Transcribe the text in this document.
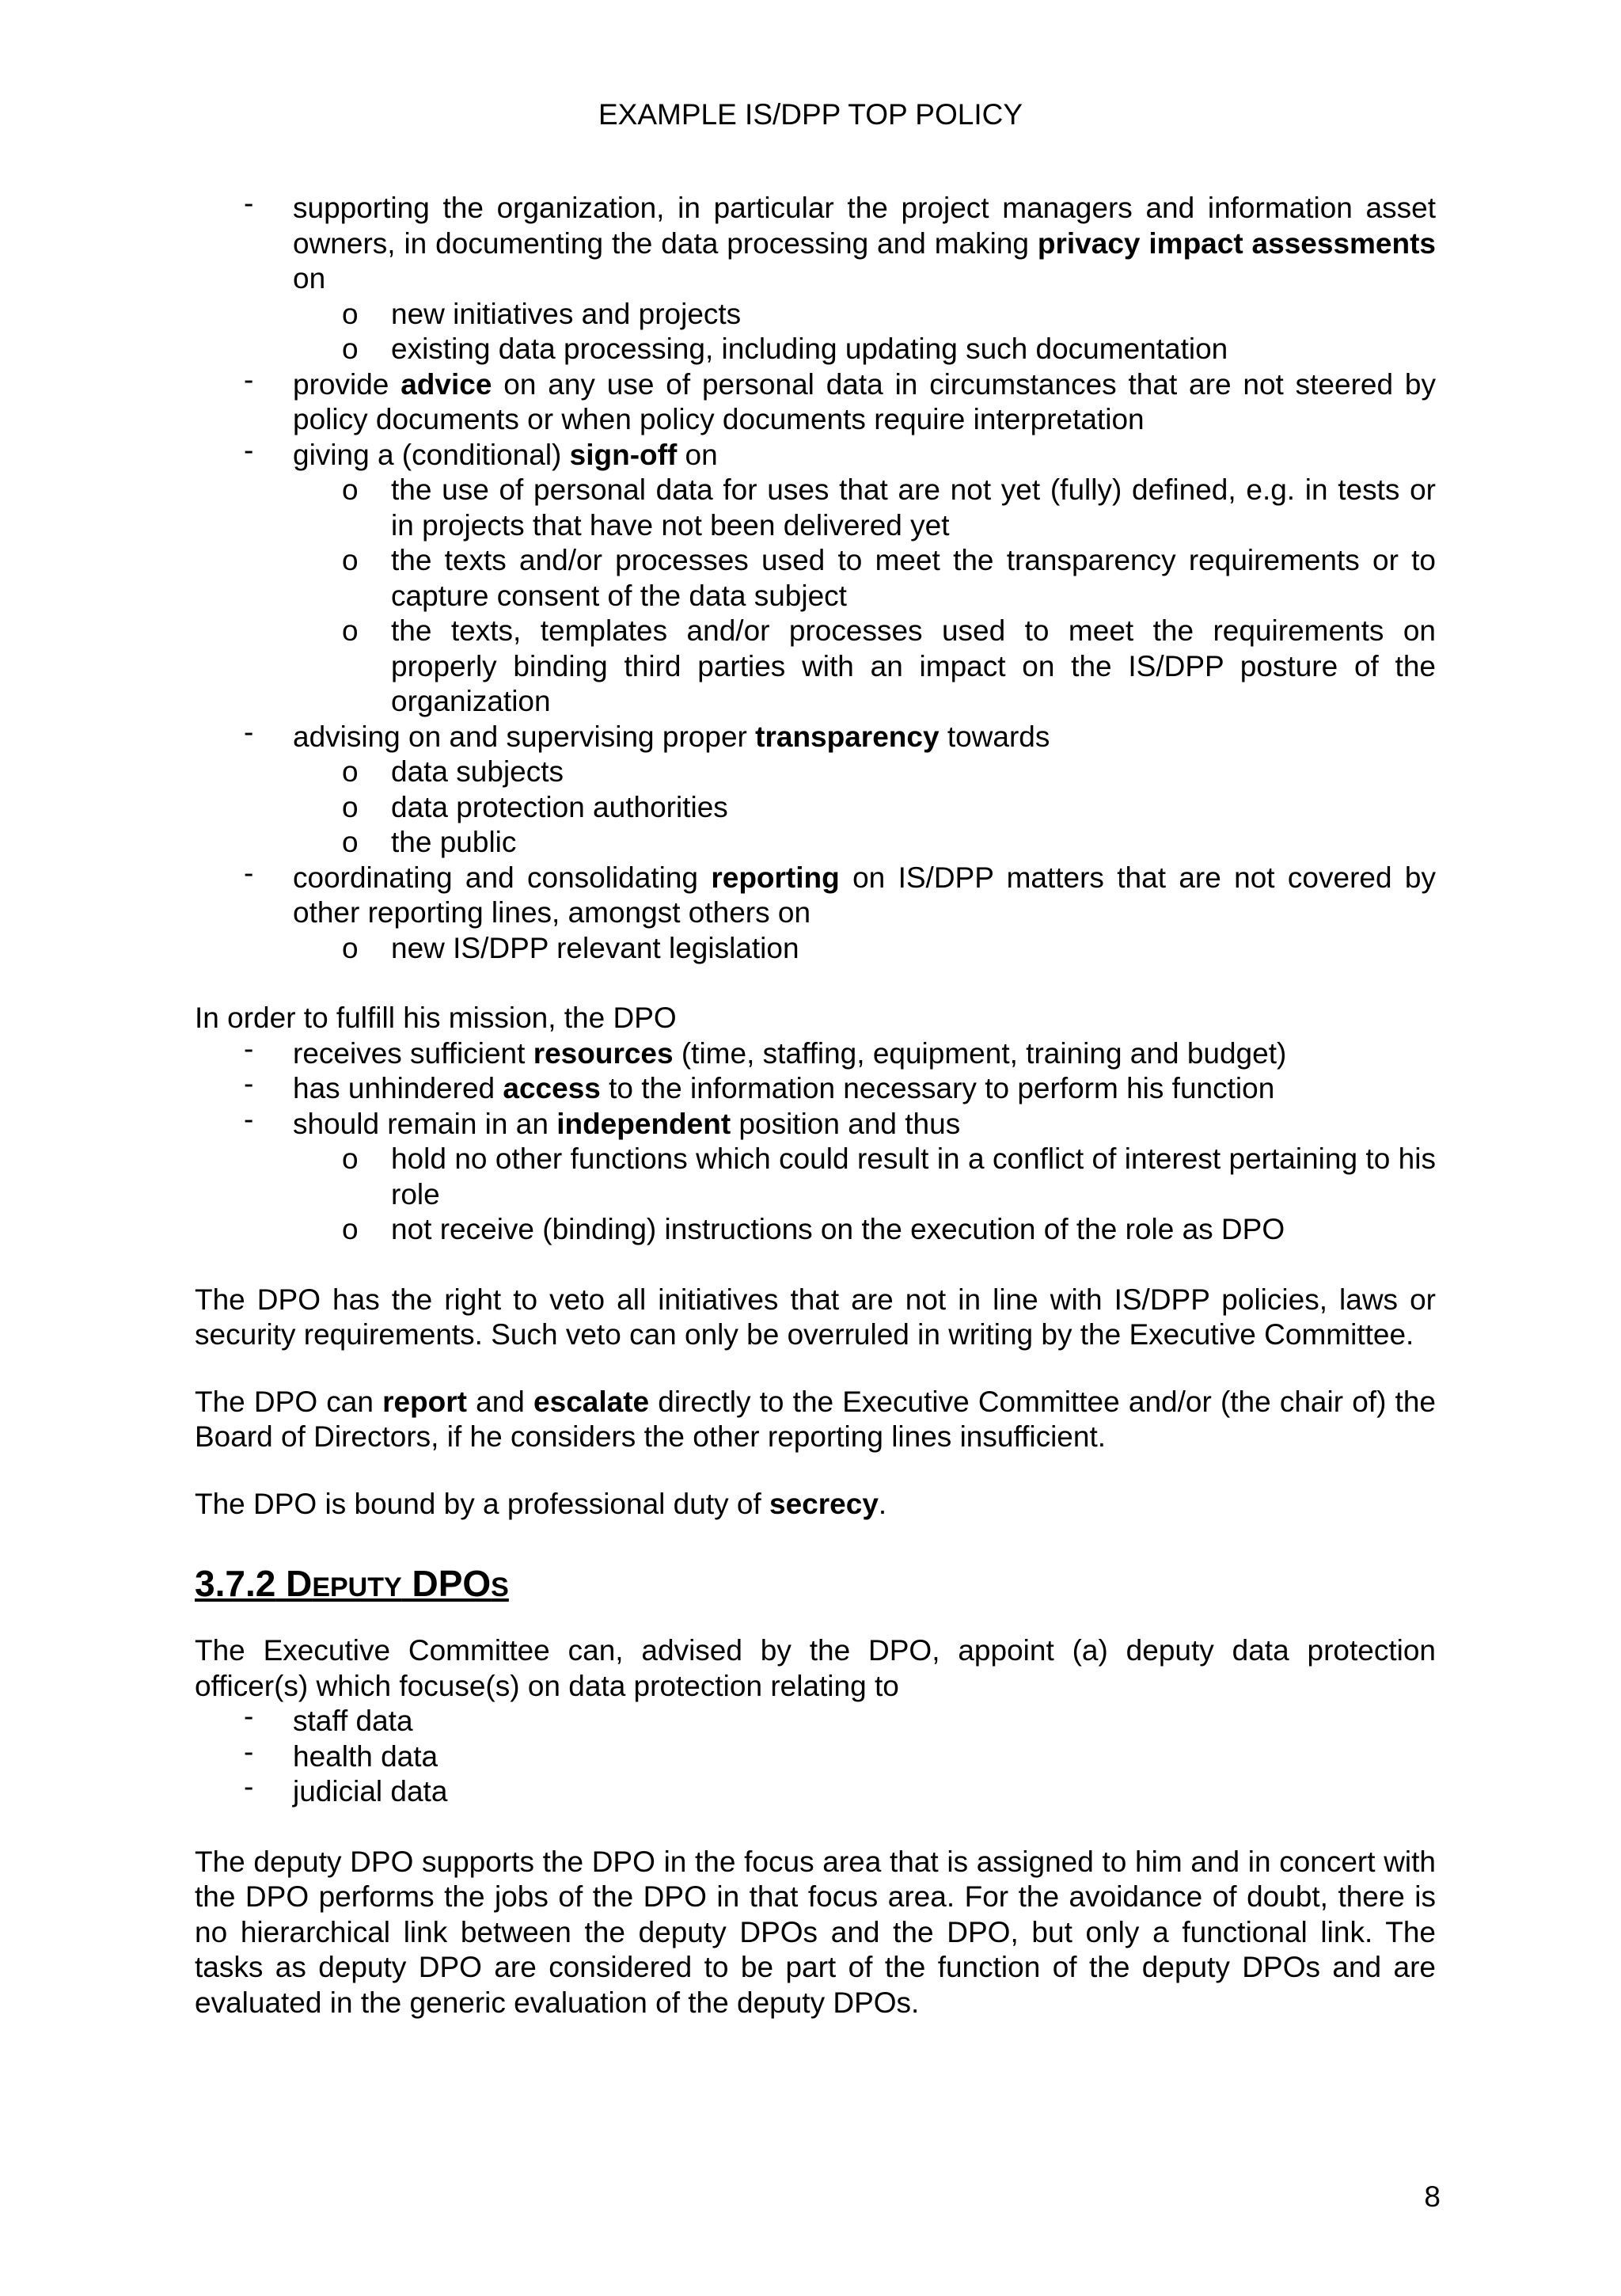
EXAMPLE IS/DPP TOP POLICY
- supporting the organization, in particular the project managers and information asset owners, in documenting the data processing and making privacy impact assessments on
o new initiatives and projects
o existing data processing, including updating such documentation
- provide advice on any use of personal data in circumstances that are not steered by policy documents or when policy documents require interpretation
- giving a (conditional) sign-off on
o the use of personal data for uses that are not yet (fully) defined, e.g. in tests or in projects that have not been delivered yet
o the texts and/or processes used to meet the transparency requirements or to capture consent of the data subject
o the texts, templates and/or processes used to meet the requirements on properly binding third parties with an impact on the IS/DPP posture of the organization
- advising on and supervising proper transparency towards
o data subjects
o data protection authorities
o the public
- coordinating and consolidating reporting on IS/DPP matters that are not covered by other reporting lines, amongst others on
o new IS/DPP relevant legislation

In order to fulfill his mission, the DPO

- receives sufficient resources (time, staffing, equipment, training and budget)
- has unhindered access to the information necessary to perform his function
- should remain in an independent position and thus
o hold no other functions which could result in a conflict of interest pertaining to his role
o not receive (binding) instructions on the execution of the role as DPO

The DPO has the right to veto all initiatives that are not in line with IS/DPP policies, laws or security requirements. Such veto can only be overruled in writing by the Executive Committee.

The DPO can report and escalate directly to the Executive Committee and/or (the chair of) the Board of Directors, if he considers the other reporting lines insufficient.

The DPO is bound by a professional duty of secrecy.

3.7.2 DEPUTY DPOS

The Executive Committee can, advised by the DPO, appoint (a) deputy data protection officer(s) which focuse(s) on data protection relating to

- staff data
- health data
- judicial data

The deputy DPO supports the DPO in the focus area that is assigned to him and in concert with the DPO performs the jobs of the DPO in that focus area. For the avoidance of doubt, there is no hierarchical link between the deputy DPOs and the DPO, but only a functional link. The tasks as deputy DPO are considered to be part of the function of the deputy DPOs and are evaluated in the generic evaluation of the deputy DPOs.

8
